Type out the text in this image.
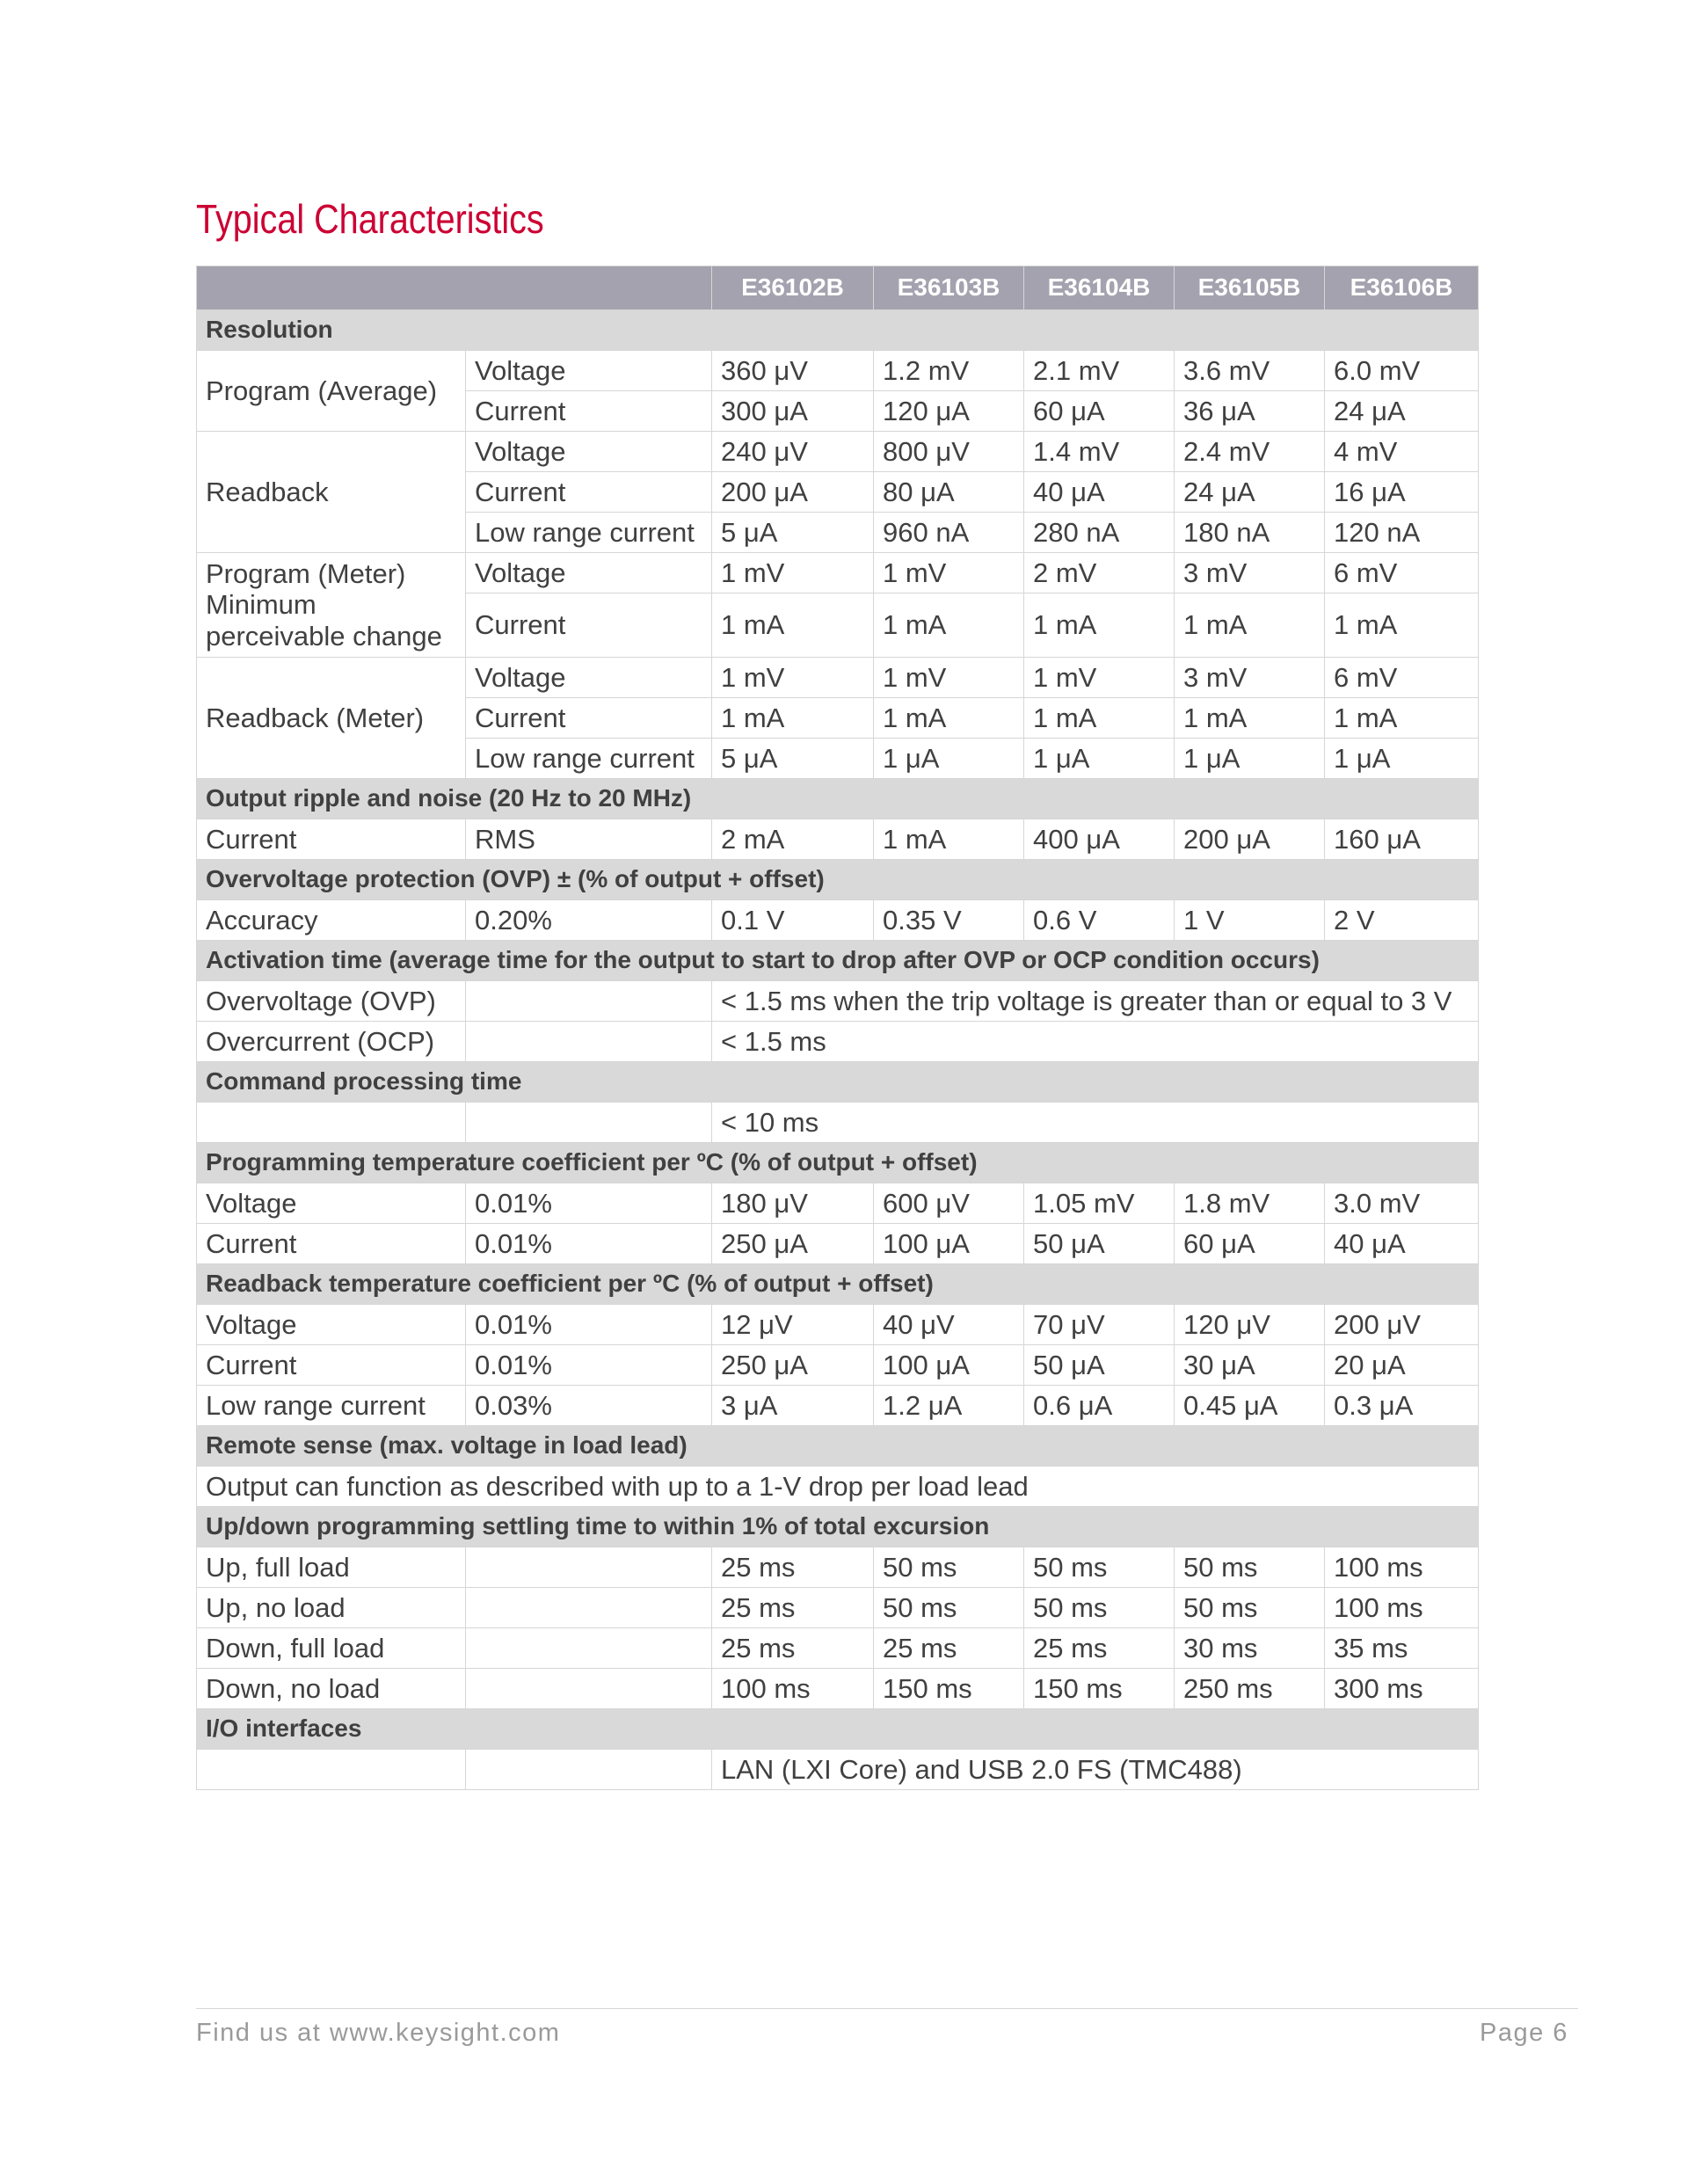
Typical Characteristics
		E36102B	E36103B	E36104B	E36105B	E36106B
Resolution						
Program (Average)	Voltage	360 μV	1.2 mV	2.1 mV	3.6 mV	6.0 mV
	Current	300 μA	120 μA	60 μA	36 μA	24 μA
Readback	Voltage	240 μV	800 μV	1.4 mV	2.4 mV	4 mV
	Current	200 μA	80 μA	40 μA	24 μA	16 μA
	Low range current	5 μA	960 nA	280 nA	180 nA	120 nA
Program (Meter) Minimum perceivable change	Voltage	1 mV	1 mV	2 mV	3 mV	6 mV
	Current	1 mA	1 mA	1 mA	1 mA	1 mA
Readback (Meter)	Voltage	1 mV	1 mV	1 mV	3 mV	6 mV
	Current	1 mA	1 mA	1 mA	1 mA	1 mA
	Low range current	5 μA	1 μA	1 μA	1 μA	1 μA
Output ripple and noise (20 Hz to 20 MHz)						
Current	RMS	2 mA	1 mA	400 μA	200 μA	160 μA
Overvoltage protection (OVP) ± (% of output + offset)						
Accuracy	0.20%	0.1 V	0.35 V	0.6 V	1 V	2 V
Activation time (average time for the output to start to drop after OVP or OCP condition occurs)						
Overvoltage (OVP)		< 1.5 ms when the trip voltage is greater than or equal to 3 V				
Overcurrent (OCP)		< 1.5 ms				
Command processing time						
		< 10 ms				
Programming temperature coefficient per ºC (% of output + offset)						
Voltage	0.01%	180 μV	600 μV	1.05 mV	1.8 mV	3.0 mV
Current	0.01%	250 μA	100 μA	50 μA	60 μA	40 μA
Readback temperature coefficient per ºC (% of output + offset)						
Voltage	0.01%	12 μV	40 μV	70 μV	120 μV	200 μV
Current	0.01%	250 μA	100 μA	50 μA	30 μA	20 μA
Low range current	0.03%	3 μA	1.2 μA	0.6 μA	0.45 μA	0.3 μA
Remote sense (max. voltage in load lead)						
Output can function as described with up to a 1-V drop per load lead						
Up/down programming settling time to within 1% of total excursion						
Up, full load		25 ms	50 ms	50 ms	50 ms	100 ms
Up, no load		25 ms	50 ms	50 ms	50 ms	100 ms
Down, full load		25 ms	25 ms	25 ms	30 ms	35 ms
Down, no load		100 ms	150 ms	150 ms	250 ms	300 ms
I/O interfaces						
		LAN (LXI Core) and USB 2.0 FS (TMC488)				
Find us at www.keysight.com	Page 6
